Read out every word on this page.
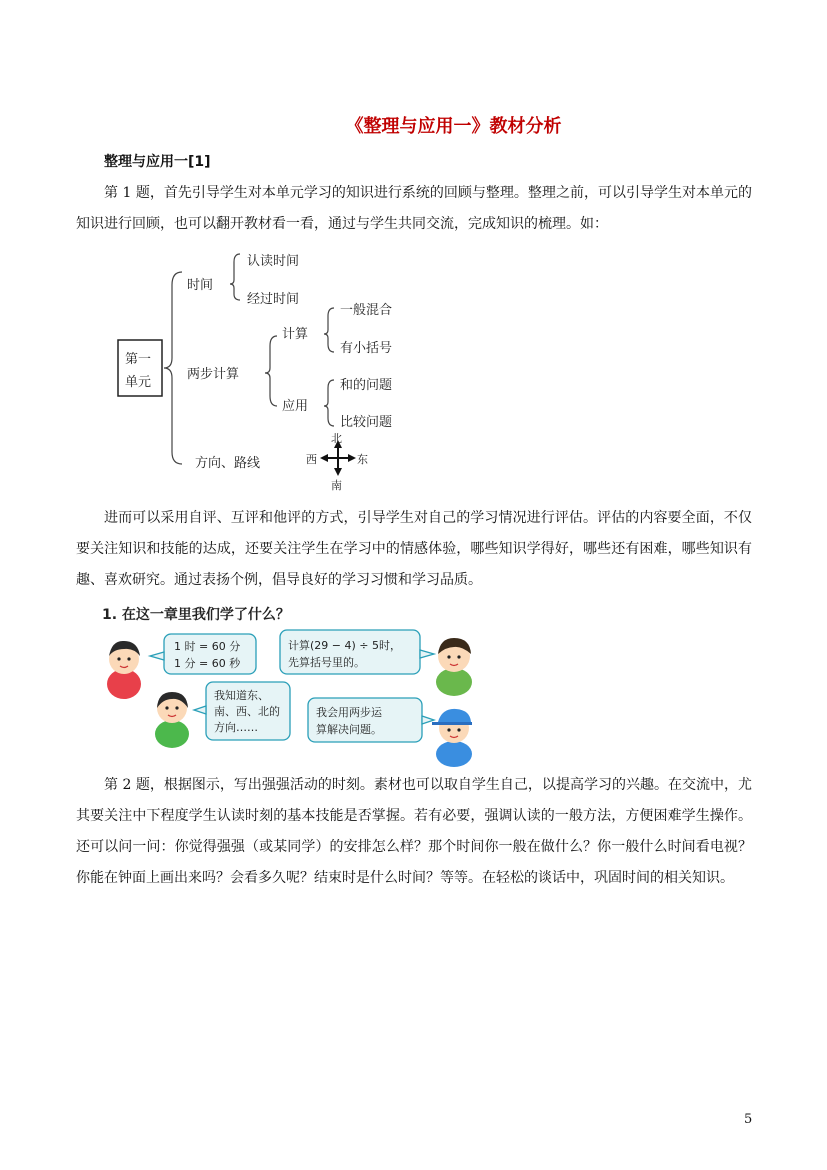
《整理与应用一》教材分析
整理与应用一[1]

第 1 题，首先引导学生对本单元学习的知识进行系统的回顾与整理。整理之前，可以引导学生对本单元的知识进行回顾，也可以翻开教材看一看，通过与学生共同交流，完成知识的梳理。如：

第一
单元
时间
两步计算
方向、路线
认读时间
经过时间
计算
应用
一般混合
有小括号
和的问题
比较问题
北
南
西	东

进而可以采用自评、互评和他评的方式，引导学生对自己的学习情况进行评估。评估的内容要全面，不仅要关注知识和技能的达成，还要关注学生在学习中的情感体验，哪些知识学得好，哪些还有困难，哪些知识有趣、喜欢研究。通过表扬个例，倡导良好的学习习惯和学习品质。

1. 在这一章里我们学了什么？
1 时 = 60 分
1 分 = 60 秒
计算(29 − 4) ÷ 5时，
先算括号里的。
我知道东、
南、西、北的
方向……
我会用两步运
算解决问题。

第 2 题，根据图示，写出强强活动的时刻。素材也可以取自学生自己，以提高学习的兴趣。在交流中，尤其要关注中下程度学生认读时刻的基本技能是否掌握。若有必要，强调认读的一般方法，方便困难学生操作。还可以问一问：你觉得强强（或某同学）的安排怎么样？那个时间你一般在做什么？你一般什么时间看电视？你能在钟面上画出来吗？会看多久呢？结束时是什么时间？等等。在轻松的谈话中，巩固时间的相关知识。

5
